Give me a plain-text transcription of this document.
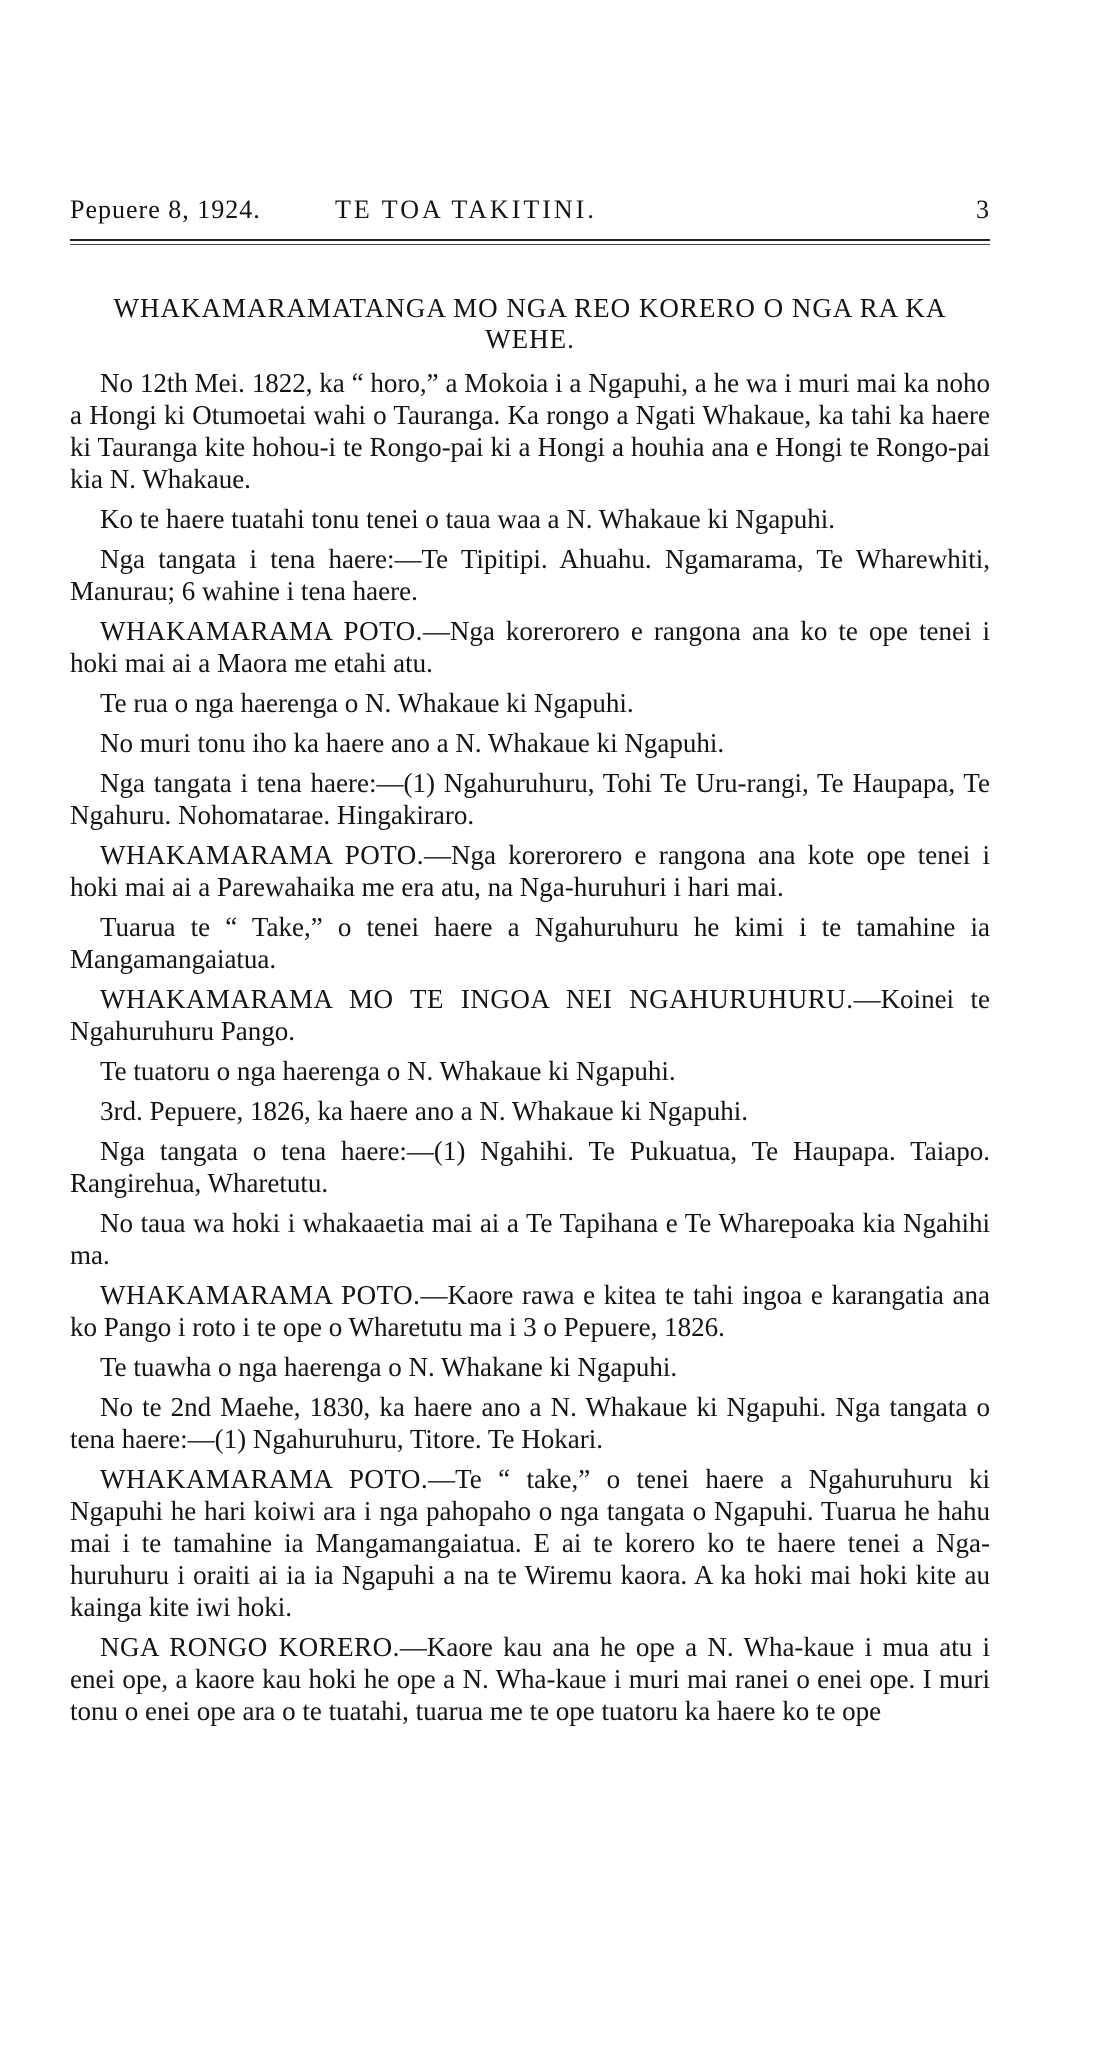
Pepuere 8, 1924.	TE TOA TAKITINI.	3
WHAKAMARAMATANGA MO NGA REO KORERO O NGA RA KA WEHE.

No 12th Mei. 1822, ka “ horo,” a Mokoia i a Ngapuhi, a he wa i muri mai ka noho a Hongi ki Otumoetai wahi o Tauranga. Ka rongo a Ngati Whakaue, ka tahi ka haere ki Tauranga kite hohou-i te Rongo-pai ki a Hongi a houhia ana e Hongi te Rongo-pai kia N. Whakaue.

Ko te haere tuatahi tonu tenei o taua waa a N. Whakaue ki Ngapuhi.

Nga tangata i tena haere:—Te Tipitipi. Ahuahu. Ngamarama, Te Wharewhiti, Manurau; 6 wahine i tena haere.

WHAKAMARAMA POTO.—Nga korerorero e rangona ana ko te ope tenei i hoki mai ai a Maora me etahi atu.

Te rua o nga haerenga o N. Whakaue ki Ngapuhi.

No muri tonu iho ka haere ano a N. Whakaue ki Ngapuhi.

Nga tangata i tena haere:—(1) Ngahuruhuru, Tohi Te Uru-rangi, Te Haupapa, Te Ngahuru. Nohomatarae. Hingakiraro.

WHAKAMARAMA POTO.—Nga korerorero e rangona ana kote ope tenei i hoki mai ai a Parewahaika me era atu, na Nga-huruhuri i hari mai.

Tuarua te “ Take,” o tenei haere a Ngahuruhuru he kimi i te tamahine ia Mangamangaiatua.

WHAKAMARAMA MO TE INGOA NEI NGAHURUHURU.—Koinei te Ngahuruhuru Pango.

Te tuatoru o nga haerenga o N. Whakaue ki Ngapuhi.

3rd. Pepuere, 1826, ka haere ano a N. Whakaue ki Ngapuhi.

Nga tangata o tena haere:—(1) Ngahihi. Te Pukuatua, Te Haupapa. Taiapo. Rangirehua, Wharetutu.

No taua wa hoki i whakaaetia mai ai a Te Tapihana e Te Wharepoaka kia Ngahihi ma.

WHAKAMARAMA POTO.—Kaore rawa e kitea te tahi ingoa e karangatia ana ko Pango i roto i te ope o Wharetutu ma i 3 o Pepuere, 1826.

Te tuawha o nga haerenga o N. Whakane ki Ngapuhi.

No te 2nd Maehe, 1830, ka haere ano a N. Whakaue ki Ngapuhi. Nga tangata o tena haere:—(1) Ngahuruhuru, Titore. Te Hokari.

WHAKAMARAMA POTO.—Te “ take,” o tenei haere a Ngahuruhuru ki Ngapuhi he hari koiwi ara i nga pahopaho o nga tangata o Ngapuhi. Tuarua he hahu mai i te tamahine ia Mangamangaiatua. E ai te korero ko te haere tenei a Nga-huruhuru i oraiti ai ia ia Ngapuhi a na te Wiremu kaora. A ka hoki mai hoki kite au kainga kite iwi hoki.

NGA RONGO KORERO.—Kaore kau ana he ope a N. Wha-kaue i mua atu i enei ope, a kaore kau hoki he ope a N. Wha-kaue i muri mai ranei o enei ope. I muri tonu o enei ope ara o te tuatahi, tuarua me te ope tuatoru ka haere ko te ope
